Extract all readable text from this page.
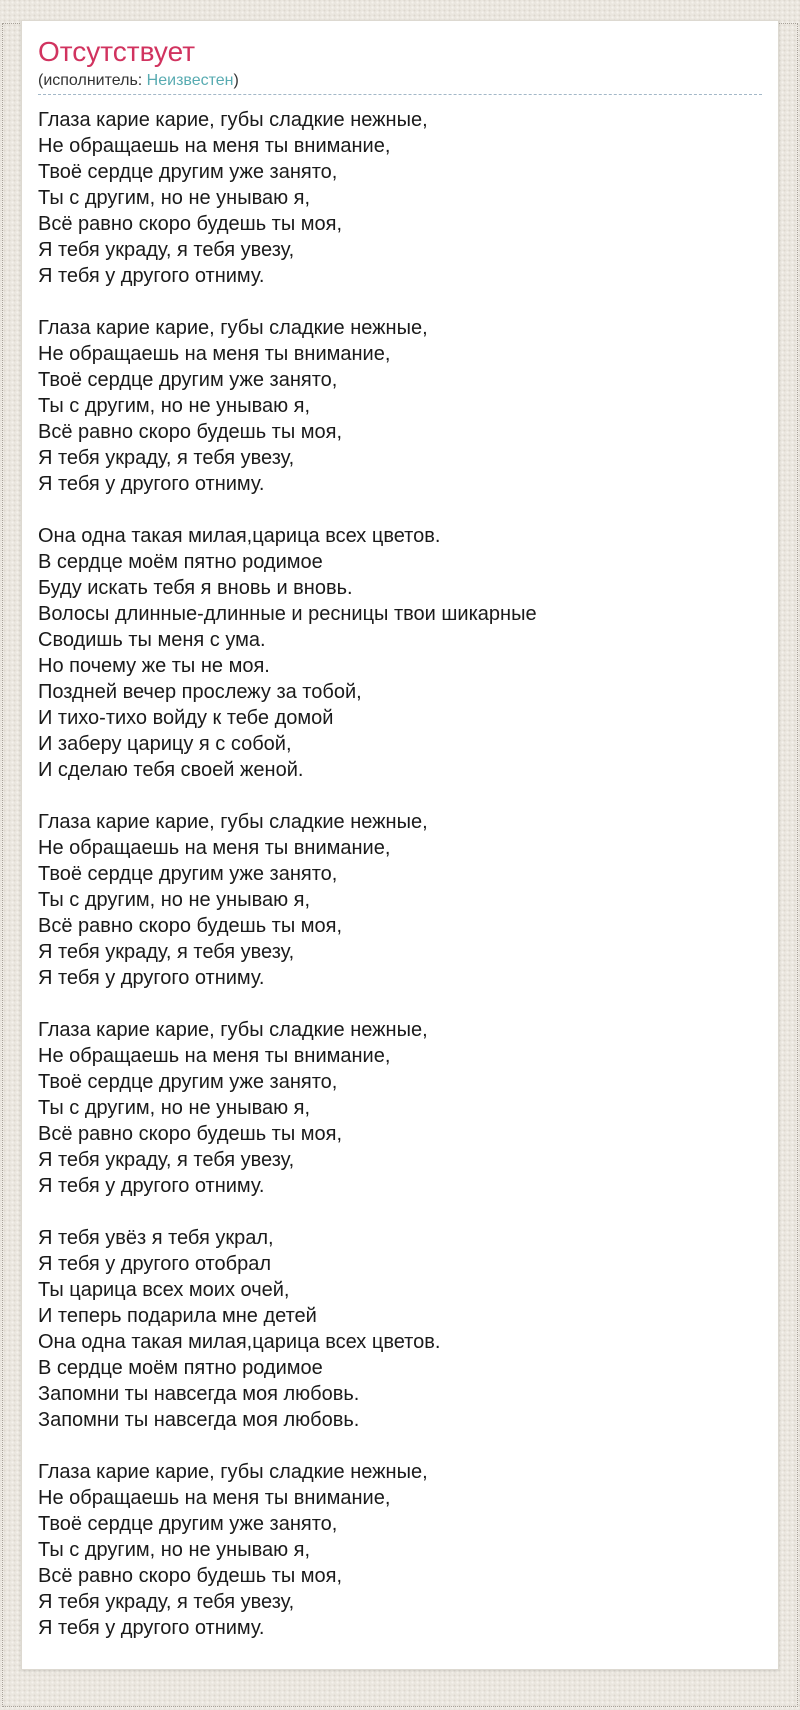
Отсутствует
(исполнитель: Неизвестен)

Глаза карие карие, губы сладкие нежные,
Не обращаешь на меня ты внимание,
Твоё сердце другим уже занято,
Ты с другим, но не унываю я,
Всё равно скоро будешь ты моя,
Я тебя украду, я тебя увезу,
Я тебя у другого отниму.

Глаза карие карие, губы сладкие нежные,
Не обращаешь на меня ты внимание,
Твоё сердце другим уже занято,
Ты с другим, но не унываю я,
Всё равно скоро будешь ты моя,
Я тебя украду, я тебя увезу,
Я тебя у другого отниму.

Она одна такая милая,царица всех цветов.
В сердце моём пятно родимое
Буду искать тебя я вновь и вновь.
Волосы длинные-длинные и ресницы твои шикарные
Сводишь ты меня с ума.
Но почему же ты не моя.
Поздней вечер прослежу за тобой,
И тихо-тихо войду к тебе домой
И заберу царицу я с собой,
И сделаю тебя своей женой.

Глаза карие карие, губы сладкие нежные,
Не обращаешь на меня ты внимание,
Твоё сердце другим уже занято,
Ты с другим, но не унываю я,
Всё равно скоро будешь ты моя,
Я тебя украду, я тебя увезу,
Я тебя у другого отниму.

Глаза карие карие, губы сладкие нежные,
Не обращаешь на меня ты внимание,
Твоё сердце другим уже занято,
Ты с другим, но не унываю я,
Всё равно скоро будешь ты моя,
Я тебя украду, я тебя увезу,
Я тебя у другого отниму.

Я тебя увёз я тебя украл,
Я тебя у другого отобрал
Ты царица всех моих очей,
И теперь подарила мне детей
Она одна такая милая,царица всех цветов.
В сердце моём пятно родимое
Запомни ты навсегда моя любовь.
Запомни ты навсегда моя любовь.

Глаза карие карие, губы сладкие нежные,
Не обращаешь на меня ты внимание,
Твоё сердце другим уже занято,
Ты с другим, но не унываю я,
Всё равно скоро будешь ты моя,
Я тебя украду, я тебя увезу,
Я тебя у другого отниму.
